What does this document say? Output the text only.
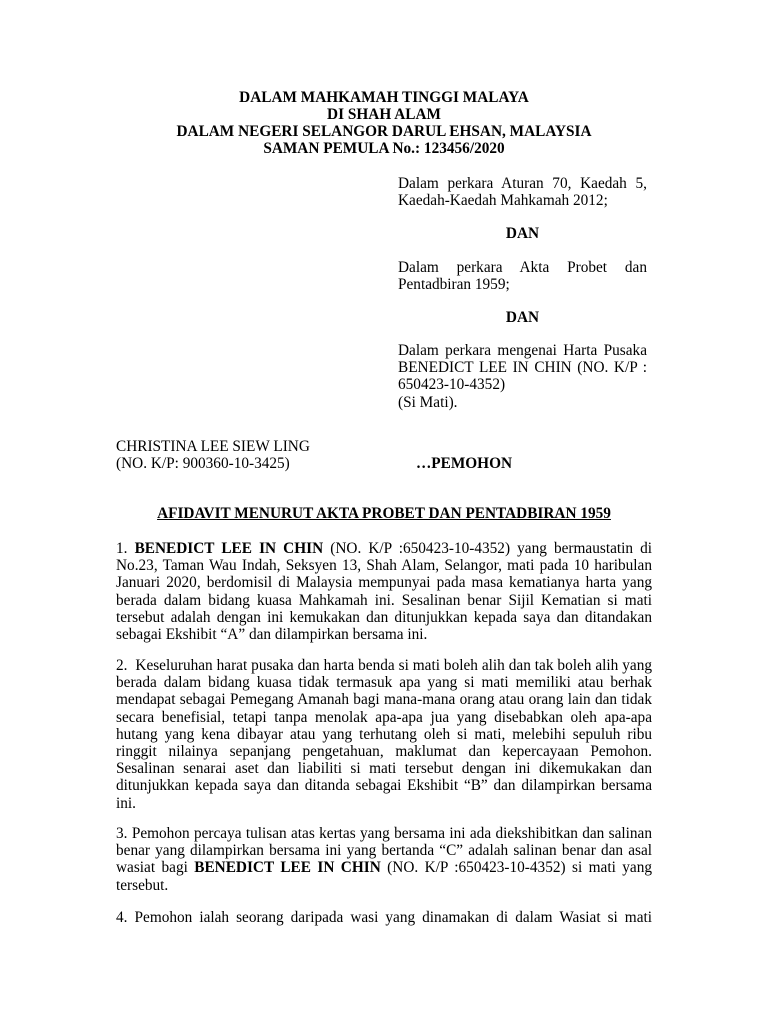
DALAM MAHKAMAH TINGGI MALAYA
DI SHAH ALAM
DALAM NEGERI SELANGOR DARUL EHSAN, MALAYSIA
SAMAN PEMULA No.: 123456/2020
Dalam perkara Aturan 70, Kaedah 5, Kaedah-Kaedah Mahkamah 2012;
DAN
Dalam perkara Akta Probet dan Pentadbiran 1959;
DAN
Dalam perkara mengenai Harta Pusaka
BENEDICT LEE IN CHIN (NO. K/P :
650423-10-4352)
(Si Mati).
CHRISTINA LEE SIEW LING
(NO. K/P: 900360-10-3425)	…PEMOHON
AFIDAVIT MENURUT AKTA PROBET DAN PENTADBIRAN 1959
1. BENEDICT LEE IN CHIN (NO. K/P :650423-10-4352) yang bermaustatin di No.23, Taman Wau Indah, Seksyen 13, Shah Alam, Selangor, mati pada 10 haribulan Januari 2020, berdomisil di Malaysia mempunyai pada masa kematianya harta yang berada dalam bidang kuasa Mahkamah ini. Sesalinan benar Sijil Kematian si mati tersebut adalah dengan ini kemukakan dan ditunjukkan kepada saya dan ditandakan sebagai Ekshibit “A” dan dilampirkan bersama ini.
2. Keseluruhan harat pusaka dan harta benda si mati boleh alih dan tak boleh alih yang berada dalam bidang kuasa tidak termasuk apa yang si mati memiliki atau berhak mendapat sebagai Pemegang Amanah bagi mana-mana orang atau orang lain dan tidak secara benefisial, tetapi tanpa menolak apa-apa jua yang disebabkan oleh apa-apa hutang yang kena dibayar atau yang terhutang oleh si mati, melebihi sepuluh ribu ringgit nilainya sepanjang pengetahuan, maklumat dan kepercayaan Pemohon. Sesalinan senarai aset dan liabiliti si mati tersebut dengan ini dikemukakan dan ditunjukkan kepada saya dan ditanda sebagai Ekshibit “B” dan dilampirkan bersama ini.
3. Pemohon percaya tulisan atas kertas yang bersama ini ada diekshibitkan dan salinan benar yang dilampirkan bersama ini yang bertanda “C” adalah salinan benar dan asal wasiat bagi BENEDICT LEE IN CHIN (NO. K/P :650423-10-4352) si mati yang tersebut.
4. Pemohon ialah seorang daripada wasi yang dinamakan di dalam Wasiat si mati
